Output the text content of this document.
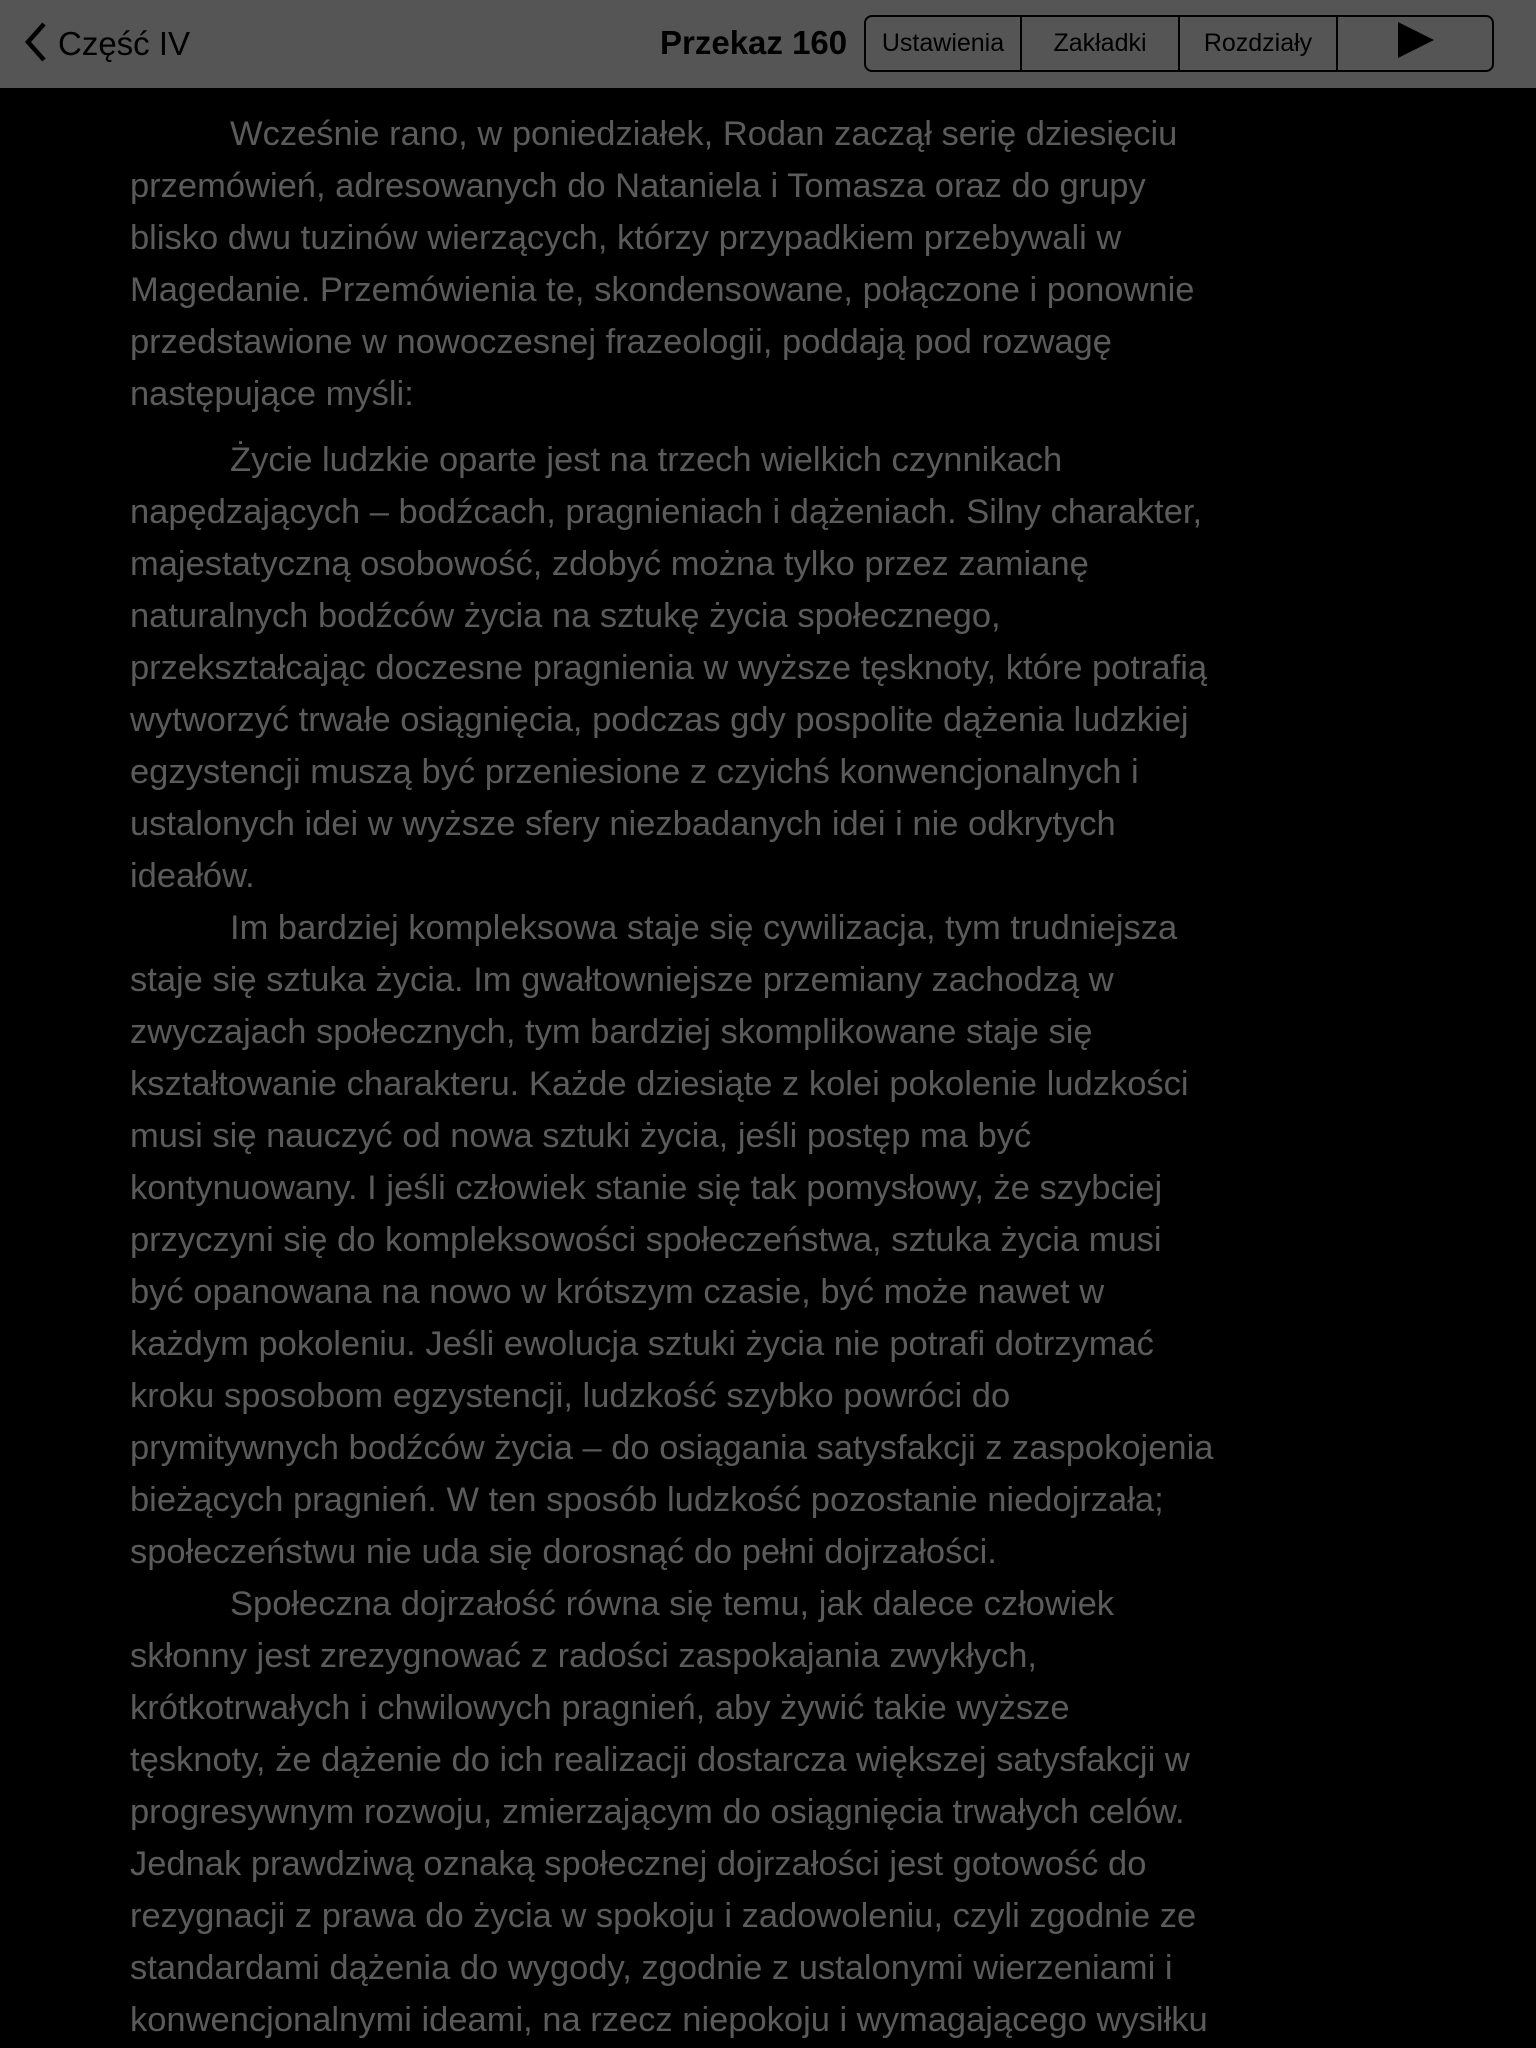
Część IV	Przekaz 160	Ustawienia	Zakładki	Rozdziały
Wcześnie rano, w poniedziałek, Rodan zaczął serię dziesięciu
przemówień, adresowanych do Nataniela i Tomasza oraz do grupy
blisko dwu tuzinów wierzących, którzy przypadkiem przebywali w
Magedanie. Przemówienia te, skondensowane, połączone i ponownie
przedstawione w nowoczesnej frazeologii, poddają pod rozwagę
następujące myśli:
Życie ludzkie oparte jest na trzech wielkich czynnikach
napędzających – bodźcach, pragnieniach i dążeniach. Silny charakter,
majestatyczną osobowość, zdobyć można tylko przez zamianę
naturalnych bodźców życia na sztukę życia społecznego,
przekształcając doczesne pragnienia w wyższe tęsknoty, które potrafią
wytworzyć trwałe osiągnięcia, podczas gdy pospolite dążenia ludzkiej
egzystencji muszą być przeniesione z czyichś konwencjonalnych i
ustalonych idei w wyższe sfery niezbadanych idei i nie odkrytych
ideałów.
Im bardziej kompleksowa staje się cywilizacja, tym trudniejsza
staje się sztuka życia. Im gwałtowniejsze przemiany zachodzą w
zwyczajach społecznych, tym bardziej skomplikowane staje się
kształtowanie charakteru. Każde dziesiąte z kolei pokolenie ludzkości
musi się nauczyć od nowa sztuki życia, jeśli postęp ma być
kontynuowany. I jeśli człowiek stanie się tak pomysłowy, że szybciej
przyczyni się do kompleksowości społeczeństwa, sztuka życia musi
być opanowana na nowo w krótszym czasie, być może nawet w
każdym pokoleniu. Jeśli ewolucja sztuki życia nie potrafi dotrzymać
kroku sposobom egzystencji, ludzkość szybko powróci do
prymitywnych bodźców życia – do osiągania satysfakcji z zaspokojenia
bieżących pragnień. W ten sposób ludzkość pozostanie niedojrzała;
społeczeństwu nie uda się dorosnąć do pełni dojrzałości.
Społeczna dojrzałość równa się temu, jak dalece człowiek
skłonny jest zrezygnować z radości zaspokajania zwykłych,
krótkotrwałych i chwilowych pragnień, aby żywić takie wyższe
tęsknoty, że dążenie do ich realizacji dostarcza większej satysfakcji w
progresywnym rozwoju, zmierzającym do osiągnięcia trwałych celów.
Jednak prawdziwą oznaką społecznej dojrzałości jest gotowość do
rezygnacji z prawa do życia w spokoju i zadowoleniu, czyli zgodnie ze
standardami dążenia do wygody, zgodnie z ustalonymi wierzeniami i
konwencjonalnymi ideami, na rzecz niepokoju i wymagającego wysiłku
